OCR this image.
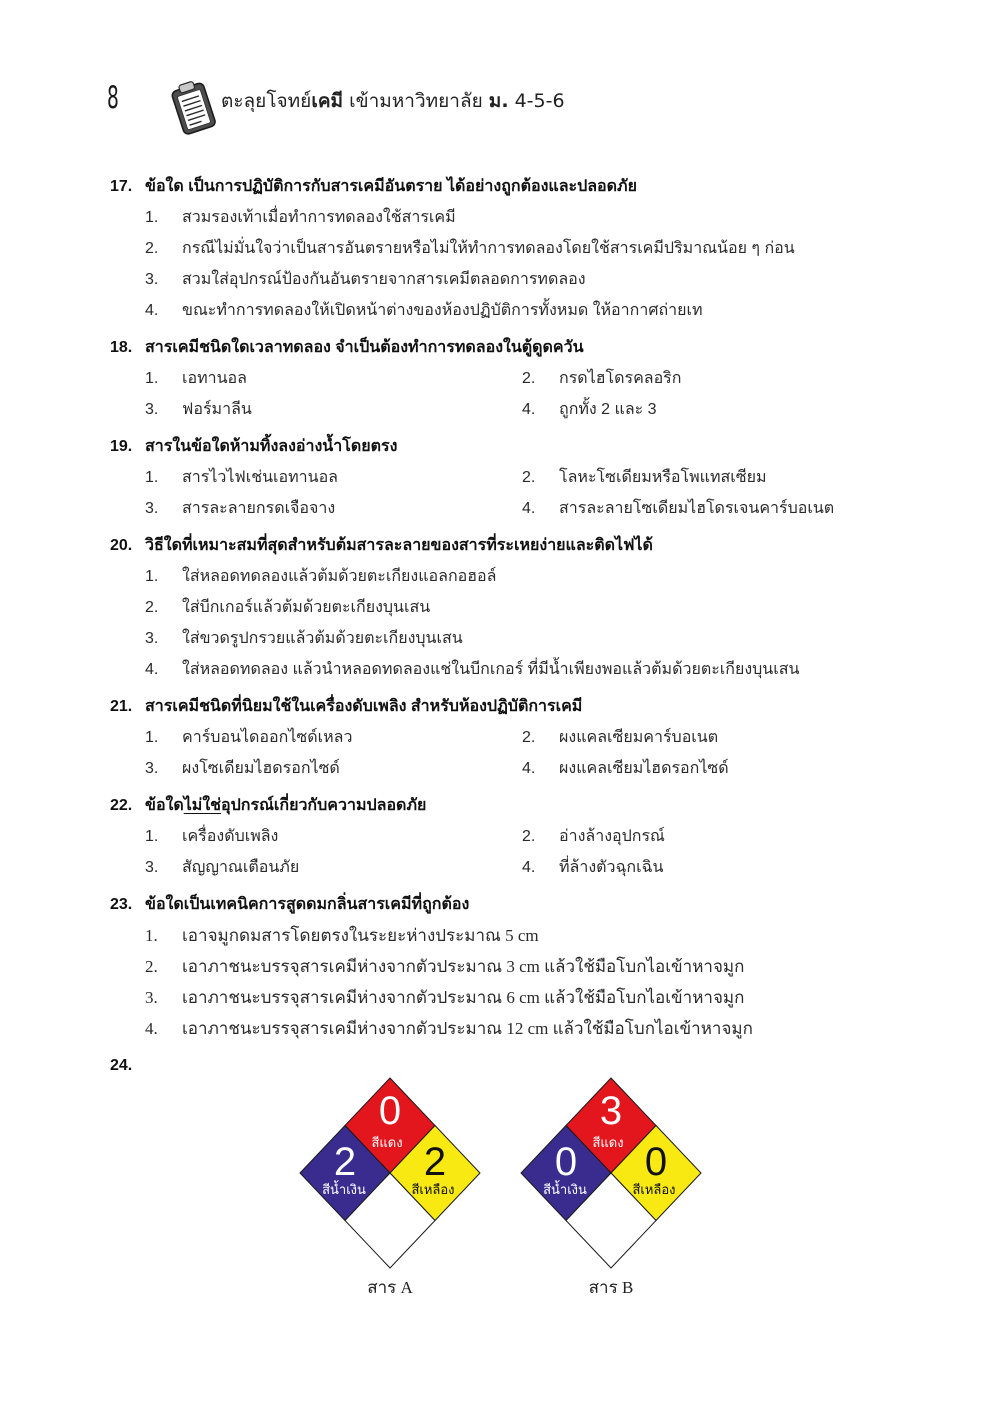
8	ตะลุยโจทย์เคมี เข้ามหาวิทยาลัย ม. 4-5-6
17. ข้อใด เป็นการปฏิบัติการกับสารเคมีอันตราย ได้อย่างถูกต้องและปลอดภัย
1.	สวมรองเท้าเมื่อทำการทดลองใช้สารเคมี
2.	กรณีไม่มั่นใจว่าเป็นสารอันตรายหรือไม่ให้ทำการทดลองโดยใช้สารเคมีปริมาณน้อย ๆ ก่อน
3.	สวมใส่อุปกรณ์ป้องกันอันตรายจากสารเคมีตลอดการทดลอง
4.	ขณะทำการทดลองให้เปิดหน้าต่างของห้องปฏิบัติการทั้งหมด ให้อากาศถ่ายเท
18. สารเคมีชนิดใดเวลาทดลอง จำเป็นต้องทำการทดลองในตู้ดูดควัน
1.	เอทานอล	2.	กรดไฮโดรคลอริก
3.	ฟอร์มาลีน	4.	ถูกทั้ง 2 และ 3
19. สารในข้อใดห้ามทิ้งลงอ่างน้ำโดยตรง
1.	สารไวไฟเช่นเอทานอล	2.	โลหะโซเดียมหรือโพแทสเซียม
3.	สารละลายกรดเจือจาง	4.	สารละลายโซเดียมไฮโดรเจนคาร์บอเนต
20. วิธีใดที่เหมาะสมที่สุดสำหรับต้มสารละลายของสารที่ระเหยง่ายและติดไฟได้
1.	ใส่หลอดทดลองแล้วต้มด้วยตะเกียงแอลกอฮอล์
2.	ใส่บีกเกอร์แล้วต้มด้วยตะเกียงบุนเสน
3.	ใส่ขวดรูปกรวยแล้วต้มด้วยตะเกียงบุนเสน
4.	ใส่หลอดทดลอง แล้วนำหลอดทดลองแช่ในบีกเกอร์ ที่มีน้ำเพียงพอแล้วต้มด้วยตะเกียงบุนเสน
21. สารเคมีชนิดที่นิยมใช้ในเครื่องดับเพลิง สำหรับห้องปฏิบัติการเคมี
1.	คาร์บอนไดออกไซด์เหลว	2.	ผงแคลเซียมคาร์บอเนต
3.	ผงโซเดียมไฮดรอกไซด์	4.	ผงแคลเซียมไฮดรอกไซด์
22. ข้อใดไม่ใช่อุปกรณ์เกี่ยวกับความปลอดภัย
1.	เครื่องดับเพลิง	2.	อ่างล้างอุปกรณ์
3.	สัญญาณเตือนภัย	4.	ที่ล้างตัวฉุกเฉิน
23. ข้อใดเป็นเทคนิคการสูดดมกลิ่นสารเคมีที่ถูกต้อง
1.	เอาจมูกดมสารโดยตรงในระยะห่างประมาณ 5 cm
2.	เอาภาชนะบรรจุสารเคมีห่างจากตัวประมาณ 3 cm แล้วใช้มือโบกไอเข้าหาจมูก
3.	เอาภาชนะบรรจุสารเคมีห่างจากตัวประมาณ 6 cm แล้วใช้มือโบกไอเข้าหาจมูก
4.	เอาภาชนะบรรจุสารเคมีห่างจากตัวประมาณ 12 cm แล้วใช้มือโบกไอเข้าหาจมูก
24.
0
สีแดง
2
สีน้ำเงิน
2
สีเหลือง
สาร A
3
สีแดง
0
สีน้ำเงิน
0
สีเหลือง
สาร B
